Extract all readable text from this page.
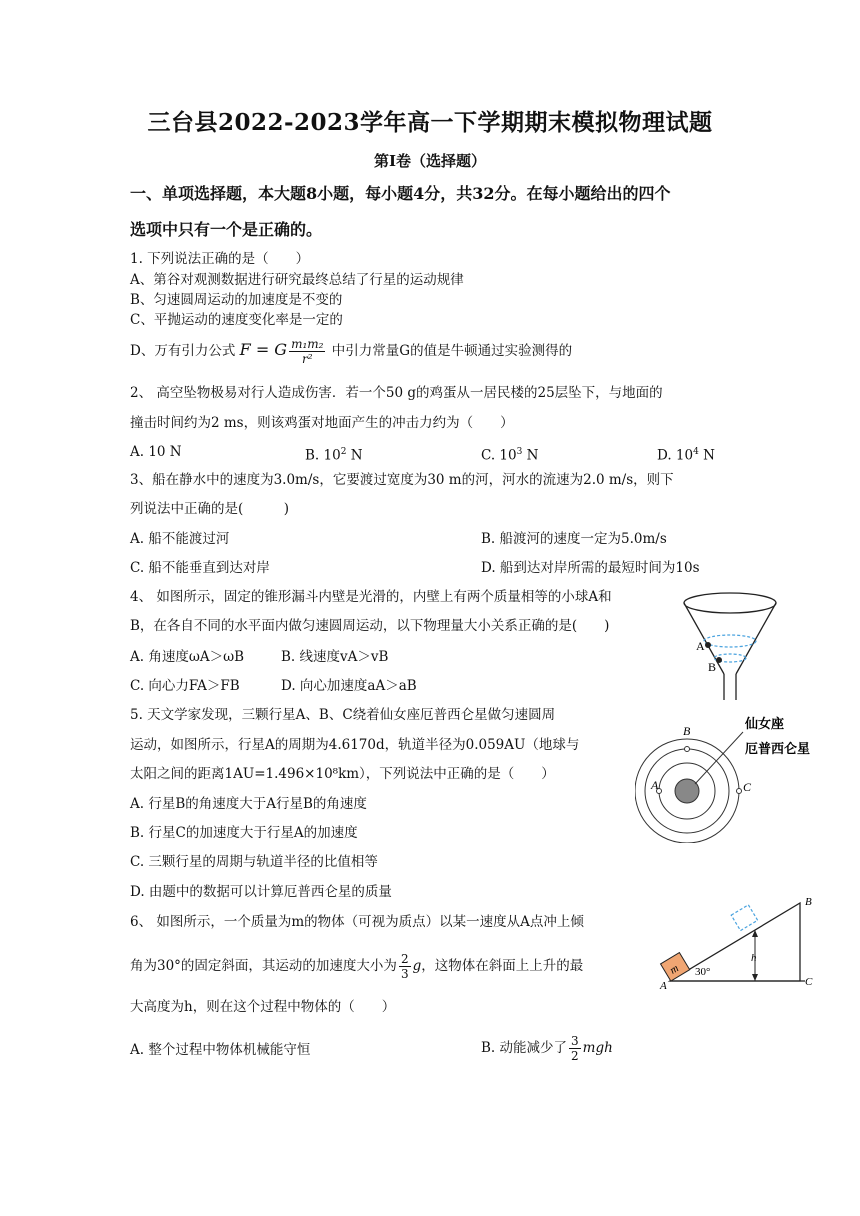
三台县2022-2023学年高一下学期期末模拟物理试题
第I卷（选择题）
一、单项选择题，本大题8小题，每小题4分，共32分。在每小题给出的四个
选项中只有一个是正确的。
1. 下列说法正确的是（　　）
A、第谷对观测数据进行研究最终总结了行星的运动规律
B、匀速圆周运动的加速度是不变的
C、平抛运动的速度变化率是一定的
D、万有引力公式 F = G $\frac{\text{m₁m₂}}{\text{r²}}$ 中引力常量G的值是牛顿通过实验测得的
2、 高空坠物极易对行人造成伤害．若一个50 g的鸡蛋从一居民楼的25层坠下，与地面的
撞击时间约为2 ms，则该鸡蛋对地面产生的冲击力约为（　　）
A. 10 N	B. $10^2$ N	C. $10^3$ N	D. $10^4$ N
3、船在静水中的速度为3.0m/s，它要渡过宽度为30 m的河，河水的流速为2.0 m/s，则下
列说法中正确的是(　　　)
A. 船不能渡过河	B. 船渡河的速度一定为5.0m/s
C. 船不能垂直到达对岸	D. 船到达对岸所需的最短时间为10s
4、 如图所示，固定的锥形漏斗内壁是光滑的，内壁上有两个质量相等的小球A和
B，在各自不同的水平面内做匀速圆周运动，以下物理量大小关系正确的是(　　)
A. 角速度ωA＞ωB	B. 线速度vA＞vB
C. 向心力FA＞FB	D. 向心加速度aA＞aB
A
B
5. 天文学家发现，三颗行星A、B、C绕着仙女座厄普西仑星做匀速圆周
运动，如图所示，行星A的周期为4.6170d，轨道半径为0.059AU（地球与
太阳之间的距离1AU=1.496×10⁸km），下列说法中正确的是（　　）
A. 行星B的角速度大于A行星B的角速度
B. 行星C的加速度大于行星A的加速度
C. 三颗行星的周期与轨道半径的比值相等
D. 由题中的数据可以计算厄普西仑星的质量
A
B
C
仙女座
厄普西仑星
6、 如图所示，一个质量为m的物体（可视为质点）以某一速度从A点冲上倾
角为30°的固定斜面，其运动的加速度大小为 $\frac{2}{3}$ g，这物体在斜面上上升的最
大高度为h，则在这个过程中物体的（　　）
A. 整个过程中物体机械能守恒	B. 动能减少了 $\frac{3}{2}$ mgh
m
h
30°
A
B
C
